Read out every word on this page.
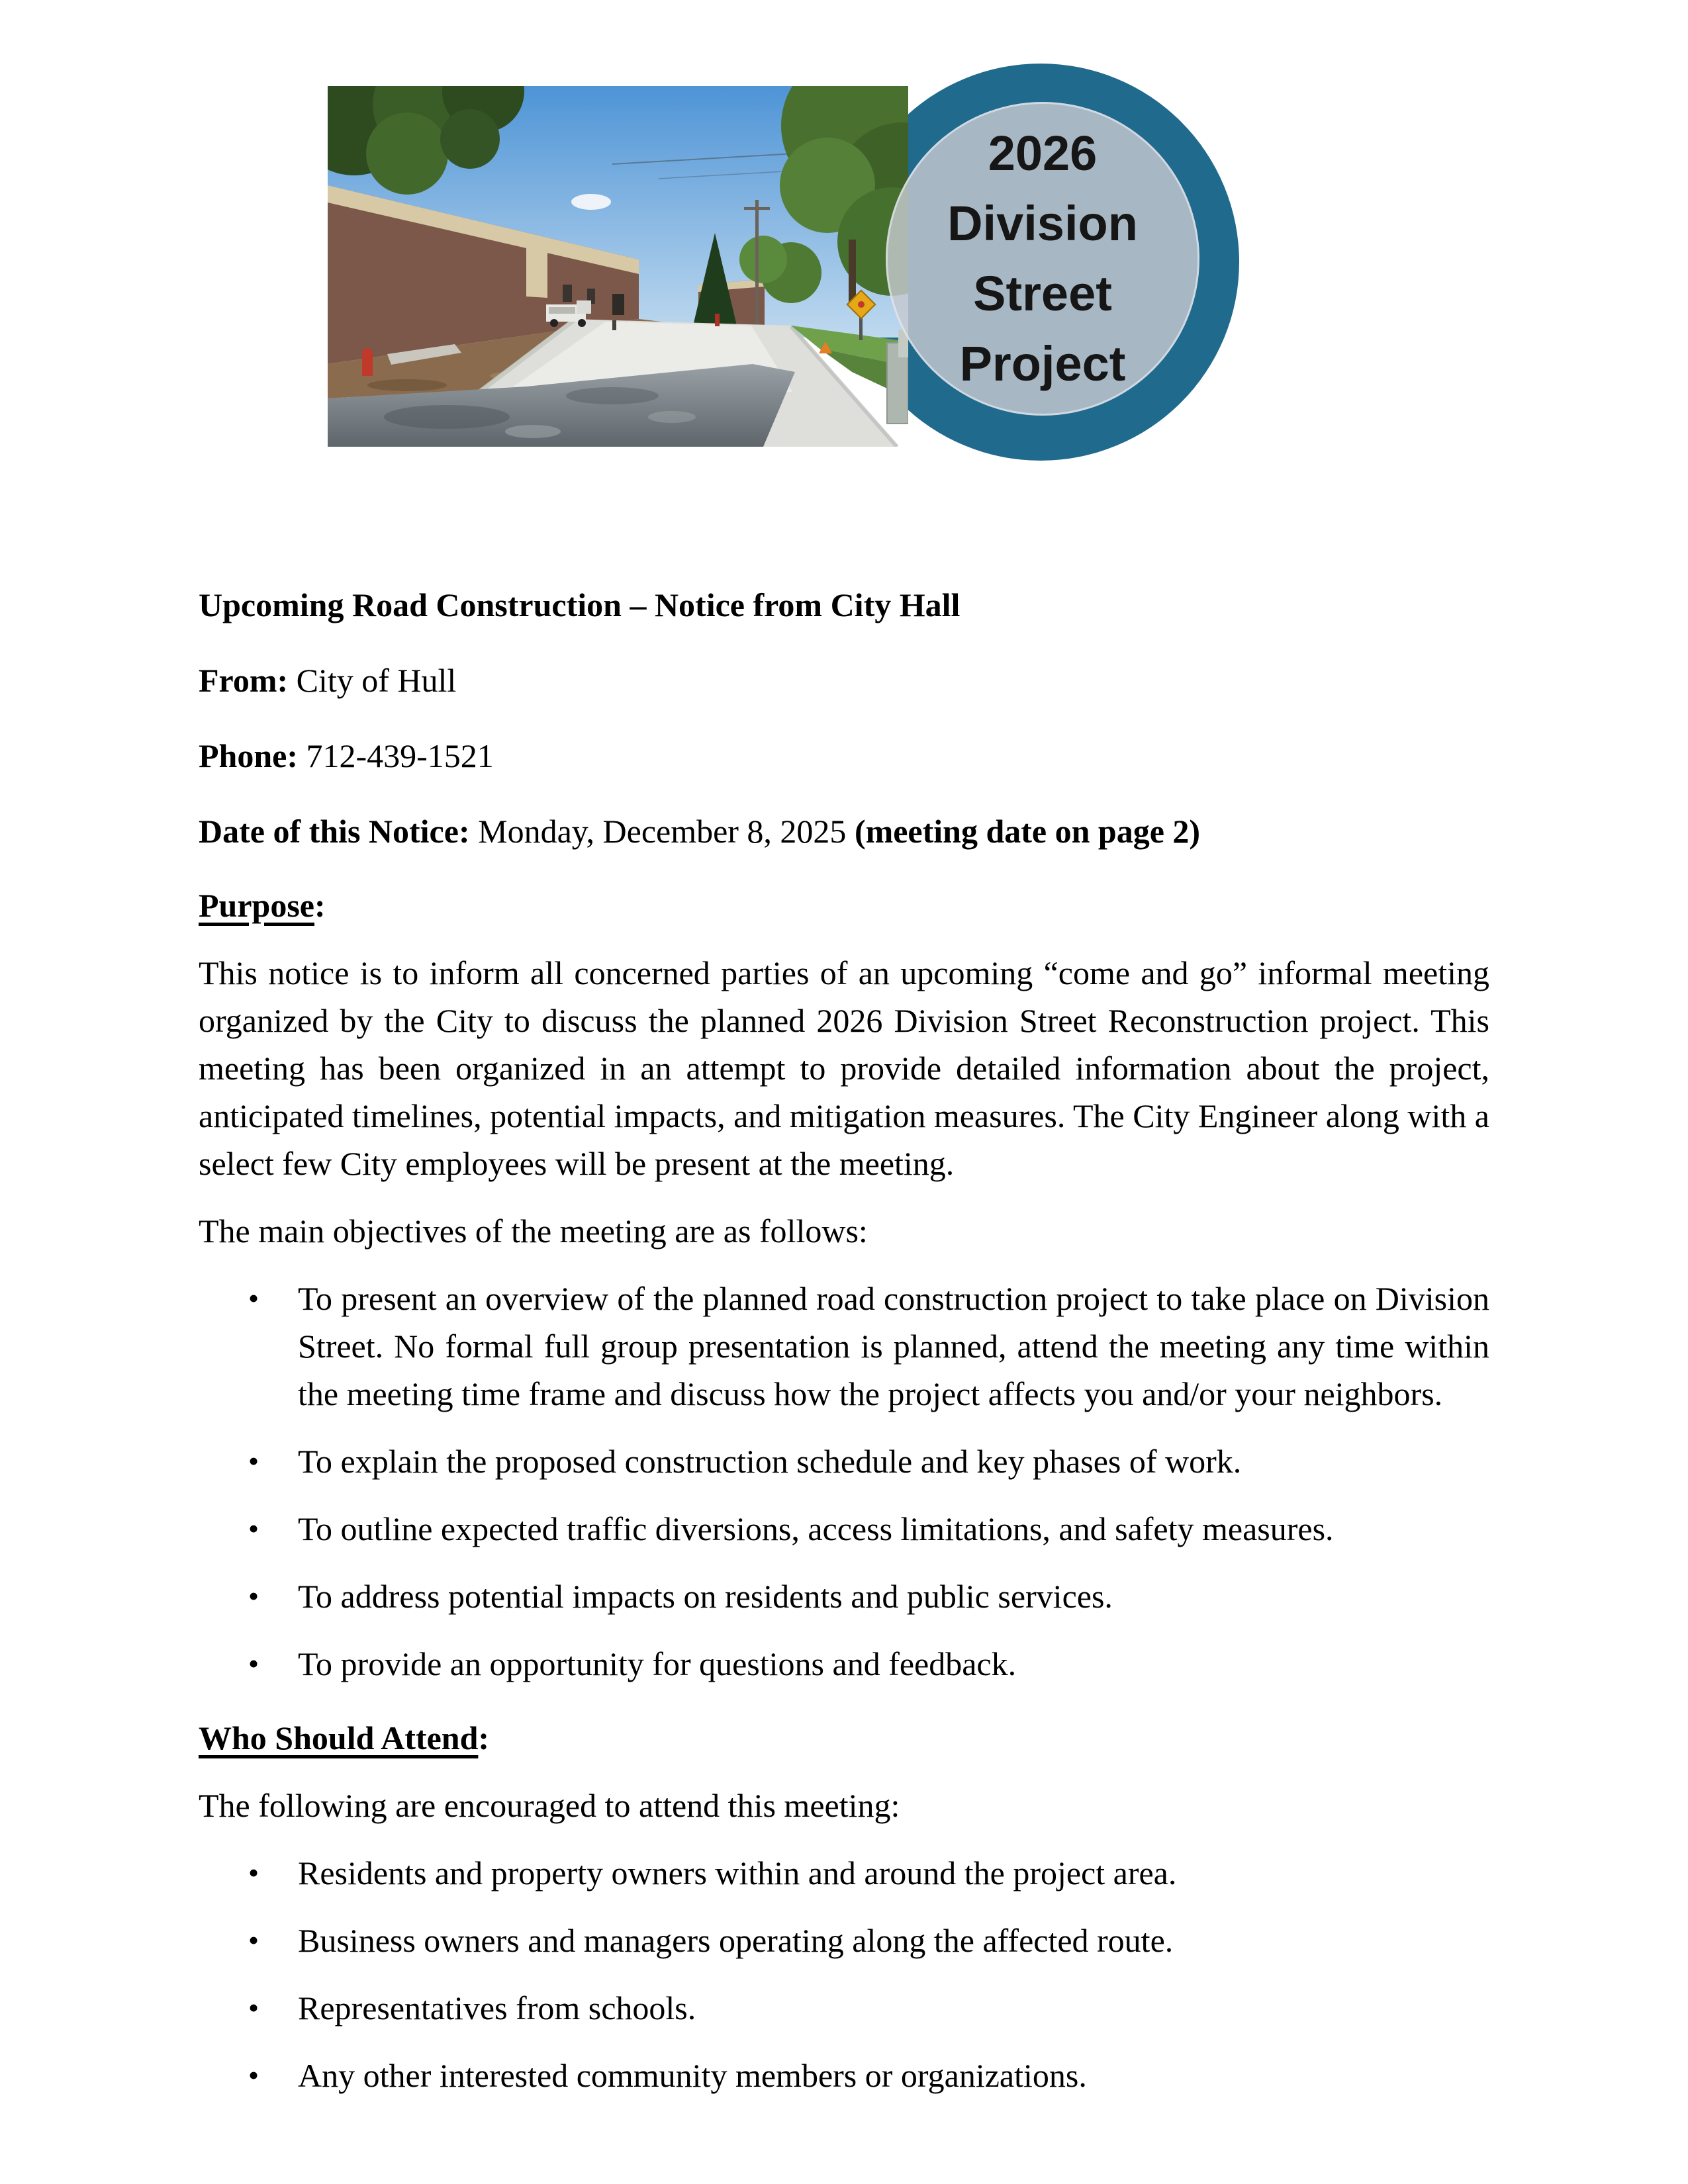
2026
Division
Street
Project

Upcoming Road Construction – Notice from City Hall

From: City of Hull

Phone: 712-439-1521

Date of this Notice: Monday, December 8, 2025 (meeting date on page 2)

Purpose:

This notice is to inform all concerned parties of an upcoming “come and go” informal meeting organized by the City to discuss the planned 2026 Division Street Reconstruction project. This meeting has been organized in an attempt to provide detailed information about the project, anticipated timelines, potential impacts, and mitigation measures. The City Engineer along with a select few City employees will be present at the meeting.

The main objectives of the meeting are as follows:

• To present an overview of the planned road construction project to take place on Division Street. No formal full group presentation is planned, attend the meeting any time within the meeting time frame and discuss how the project affects you and/or your neighbors.
• To explain the proposed construction schedule and key phases of work.
• To outline expected traffic diversions, access limitations, and safety measures.
• To address potential impacts on residents and public services.
• To provide an opportunity for questions and feedback.

Who Should Attend:

The following are encouraged to attend this meeting:

• Residents and property owners within and around the project area.
• Business owners and managers operating along the affected route.
• Representatives from schools.
• Any other interested community members or organizations.
